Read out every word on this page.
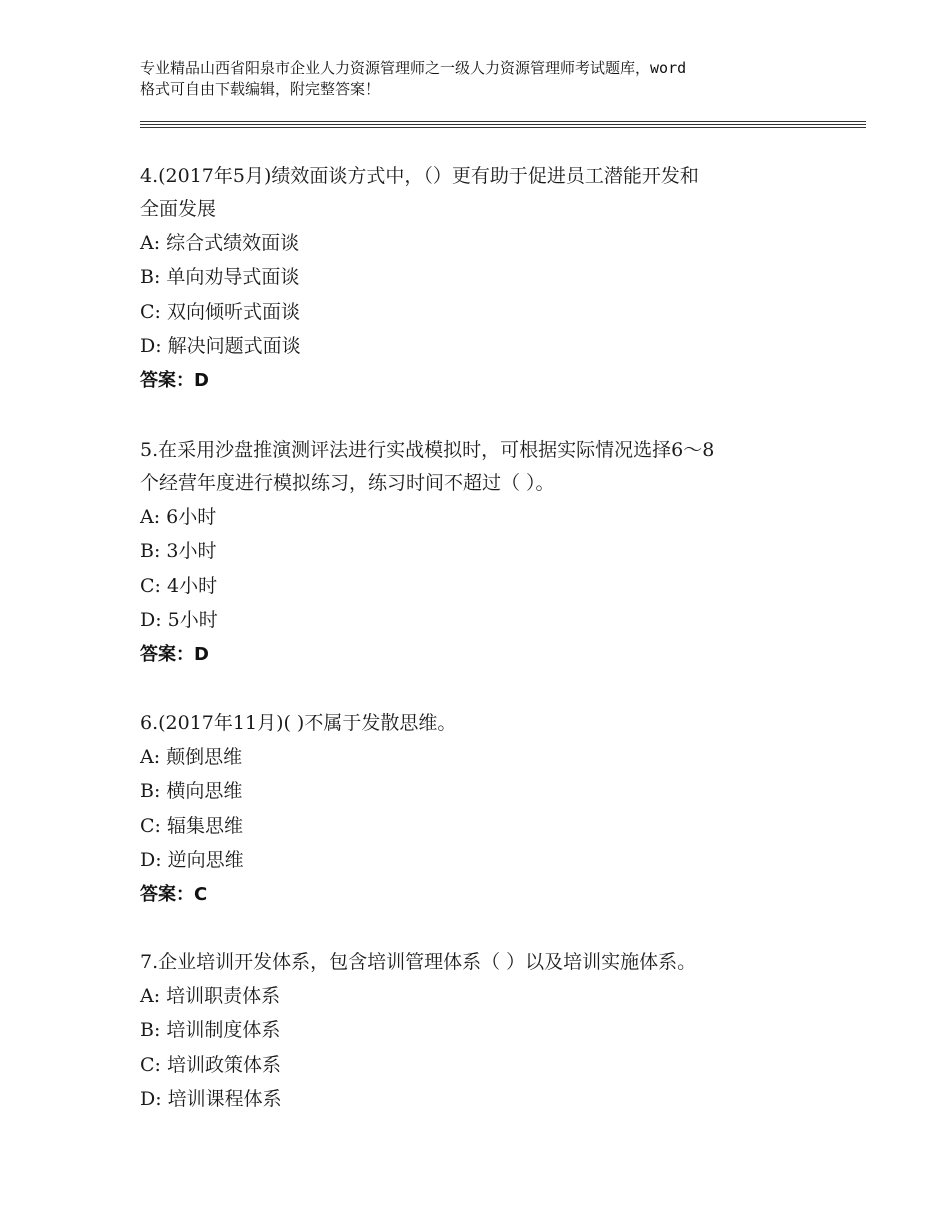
专业精品山西省阳泉市企业人力资源管理师之一级人力资源管理师考试题库，word
格式可自由下载编辑，附完整答案！

4.(2017年5月)绩效面谈方式中，（）更有助于促进员工潜能开发和

全面发展

A: 综合式绩效面谈

B: 单向劝导式面谈

C: 双向倾听式面谈

D: 解决问题式面谈

答案：D

5.在采用沙盘推演测评法进行实战模拟时，可根据实际情况选择6～8

个经营年度进行模拟练习，练习时间不超过（ ）。

A: 6小时

B: 3小时

C: 4小时

D: 5小时

答案：D

6.(2017年11月)( )不属于发散思维。

A: 颠倒思维

B: 横向思维

C: 辐集思维

D: 逆向思维

答案：C

7.企业培训开发体系，包含培训管理体系（ ）以及培训实施体系。

A: 培训职责体系

B: 培训制度体系

C: 培训政策体系

D: 培训课程体系
